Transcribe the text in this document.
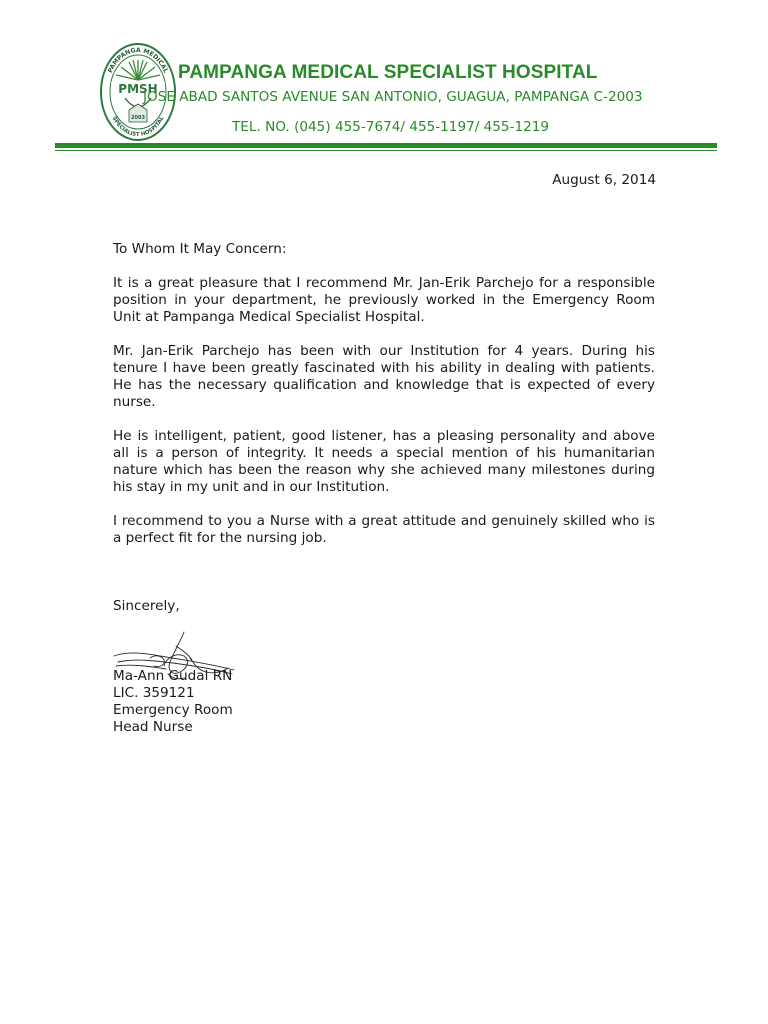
PAMPANGA MEDICAL
SPECIALIST HOSPITAL
PMSH
2003
PAMPANGA MEDICAL SPECIALIST HOSPITAL
JOSE ABAD SANTOS AVENUE SAN ANTONIO, GUAGUA, PAMPANGA C-2003
TEL. NO. (045) 455-7674/ 455-1197/ 455-1219
August 6, 2014
To Whom It May Concern:

It is a great pleasure that I recommend Mr. Jan-Erik Parchejo for a responsible position in your department, he previously worked in the Emergency Room Unit at Pampanga Medical Specialist Hospital.

Mr. Jan-Erik Parchejo has been with our Institution for 4 years. During his tenure I have been greatly fascinated with his ability in dealing with patients. He has the necessary qualification and knowledge that is expected of every nurse.

He is intelligent, patient, good listener, has a pleasing personality and above all is a person of integrity. It needs a special mention of his humanitarian nature which has been the reason why she achieved many milestones during his stay in my unit and in our Institution.

I recommend to you a Nurse with a great attitude and genuinely skilled who is a perfect fit for the nursing job.

Sincerely,
Ma-Ann Gudal RN
LIC. 359121
Emergency Room
Head Nurse
